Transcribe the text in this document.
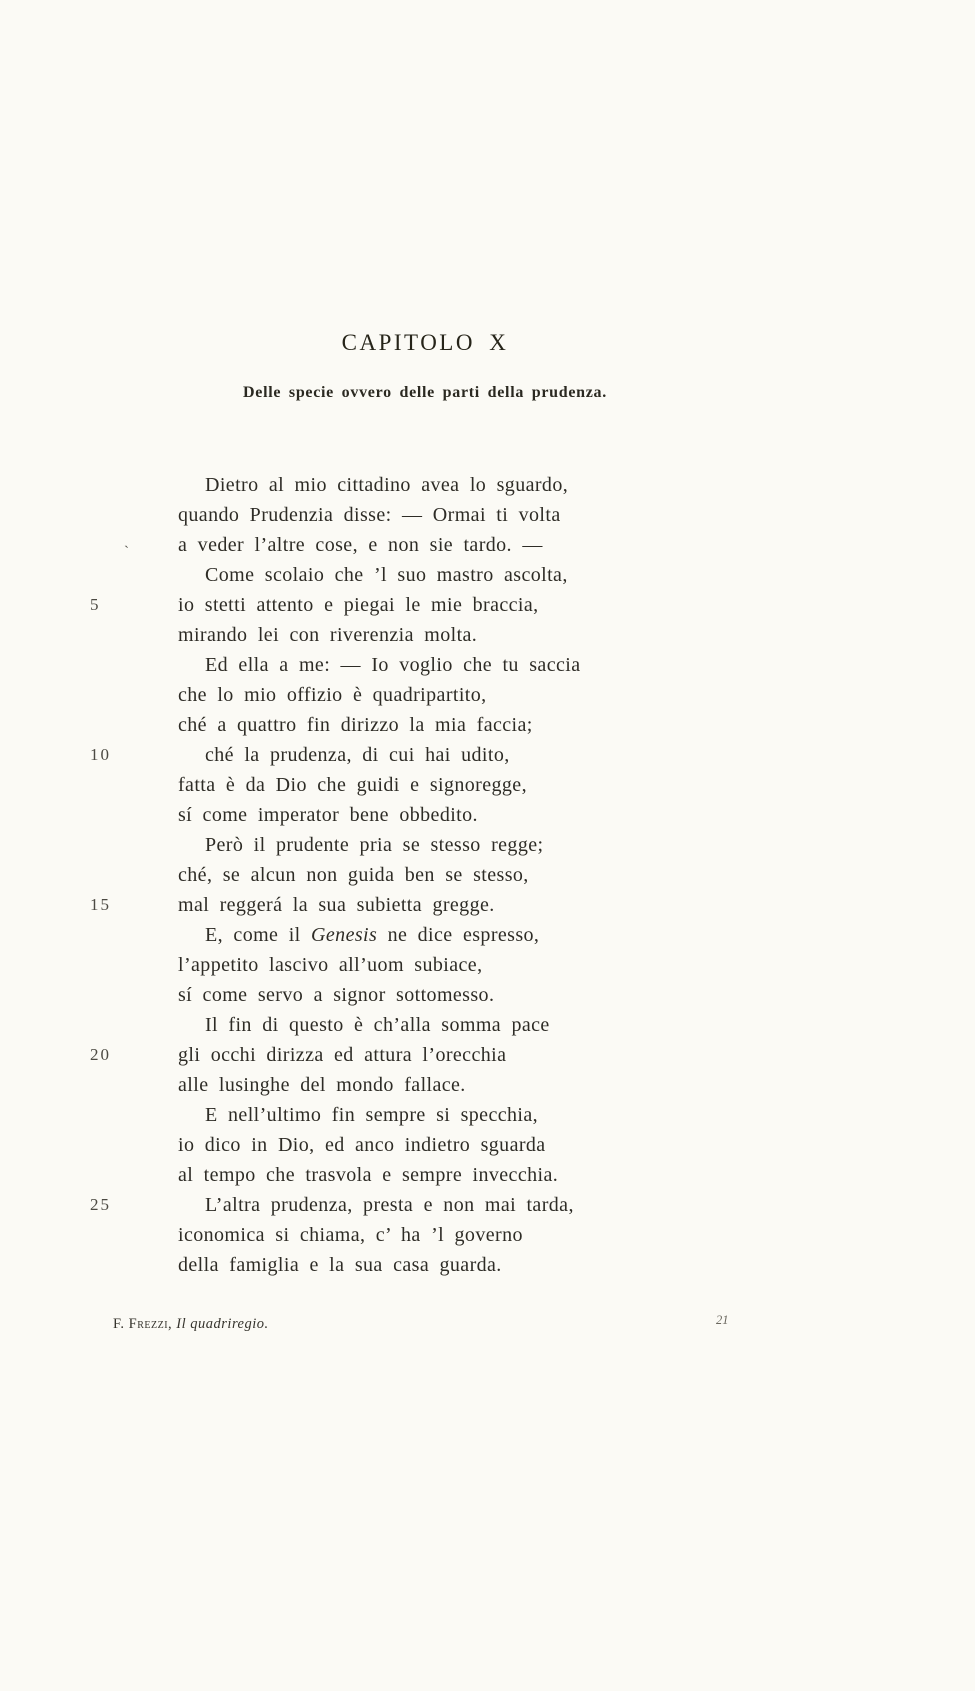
CAPITOLO X
Delle specie ovvero delle parti della prudenza.
Dietro al mio cittadino avea lo sguardo,
quando Prudenzia disse: — Ormai ti volta
ˏ a veder l’altre cose, e non sie tardo. —
Come scolaio che ’l suo mastro ascolta,
5	io stetti attento e piegai le mie braccia,
mirando lei con riverenzia molta.
Ed ella a me: — Io voglio che tu saccia
che lo mio offizio è quadripartito,
ché a quattro fin dirizzo la mia faccia;
10	ché la prudenza, di cui hai udito,
fatta è da Dio che guidi e signoregge,
sí come imperator bene obbedito.
Però il prudente pria se stesso regge;
ché, se alcun non guida ben se stesso,
15	mal reggerá la sua subietta gregge.
E, come il Genesis ne dice espresso,
l’appetito lascivo all’uom subiace,
sí come servo a signor sottomesso.
Il fin di questo è ch’alla somma pace
20	gli occhi dirizza ed attura l’orecchia
alle lusinghe del mondo fallace.
E nell’ultimo fin sempre si specchia,
io dico in Dio, ed anco indietro sguarda
al tempo che trasvola e sempre invecchia.
25	L’altra prudenza, presta e non mai tarda,
iconomica si chiama, c’ ha ’l governo
della famiglia e la sua casa guarda.
F. Frezzi, Il quadriregio.	21
